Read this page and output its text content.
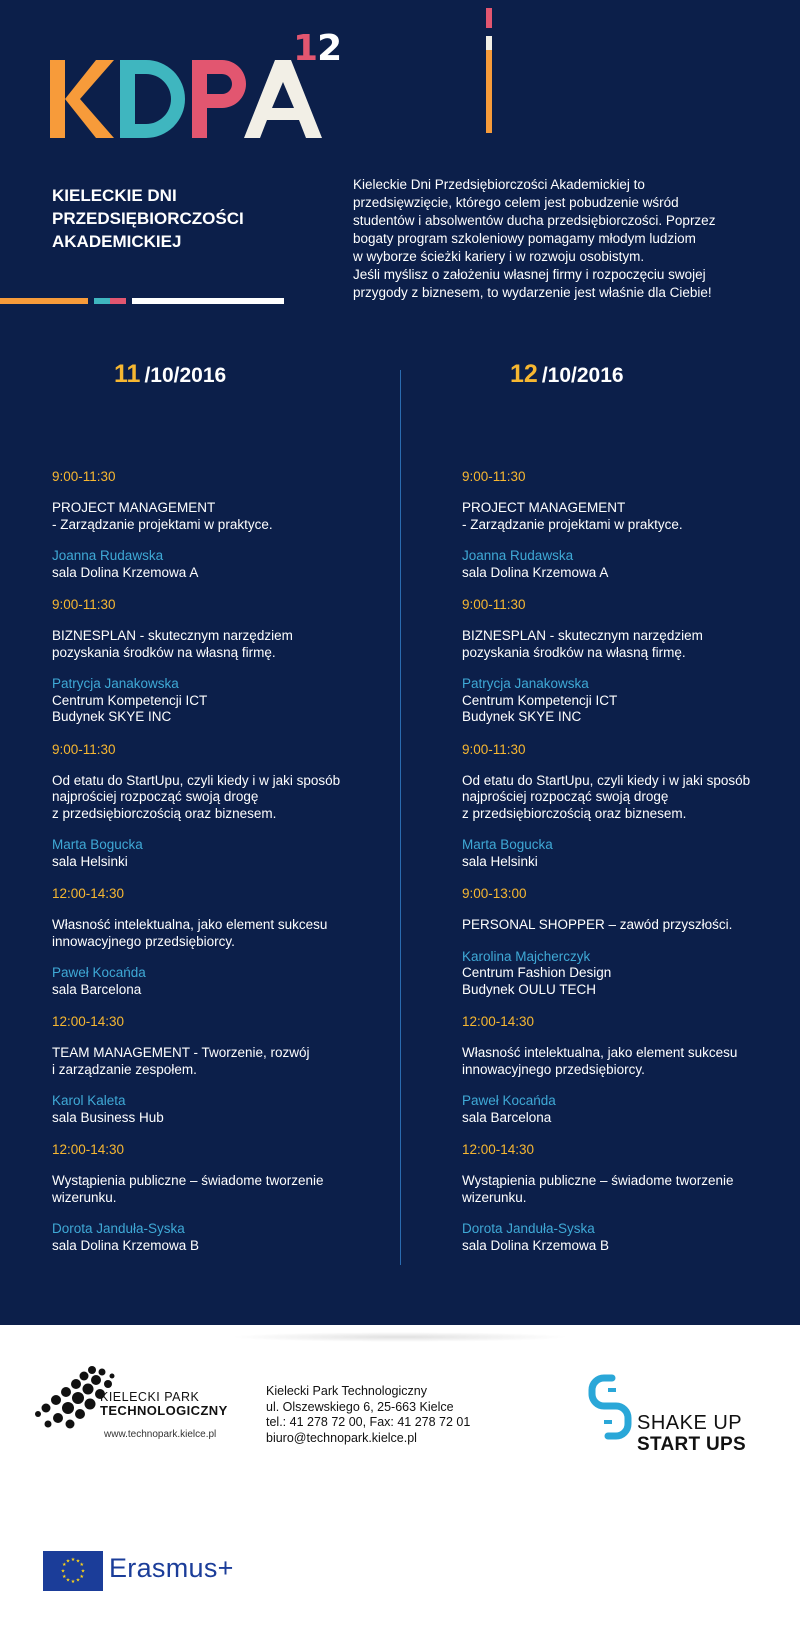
12
KIELECKIE DNI
PRZEDSIĘBIORCZOŚCI
AKADEMICKIEJ
Kieleckie Dni Przedsiębiorczości Akademickiej to
przedsięwzięcie, którego celem jest pobudzenie wśród
studentów i absolwentów ducha przedsiębiorczości. Poprzez
bogaty program szkoleniowy pomagamy młodym ludziom
w wyborze ścieżki kariery i w rozwoju osobistym.
Jeśli myślisz o założeniu własnej firmy i rozpoczęciu swojej
przygody z biznesem, to wydarzenie jest właśnie dla Ciebie!
11 /10/2016	12 /10/2016
9:00-11:30
PROJECT MANAGEMENT
- Zarządzanie projektami w praktyce.
Joanna Rudawska
sala Dolina Krzemowa A
9:00-11:30
BIZNESPLAN - skutecznym narzędziem
pozyskania środków na własną firmę.
Patrycja Janakowska
Centrum Kompetencji ICT
Budynek SKYE INC
9:00-11:30
Od etatu do StartUpu, czyli kiedy i w jaki sposób
najprościej rozpocząć swoją drogę
z przedsiębiorczością oraz biznesem.
Marta Bogucka
sala Helsinki
12:00-14:30
Własność intelektualna, jako element sukcesu
innowacyjnego przedsiębiorcy.
Paweł Kocańda
sala Barcelona
12:00-14:30
TEAM MANAGEMENT - Tworzenie, rozwój
i zarządzanie zespołem.
Karol Kaleta
sala Business Hub
12:00-14:30
Wystąpienia publiczne – świadome tworzenie
wizerunku.
Dorota Janduła-Syska
sala Dolina Krzemowa B
9:00-11:30
PROJECT MANAGEMENT
- Zarządzanie projektami w praktyce.
Joanna Rudawska
sala Dolina Krzemowa A
9:00-11:30
BIZNESPLAN - skutecznym narzędziem
pozyskania środków na własną firmę.
Patrycja Janakowska
Centrum Kompetencji ICT
Budynek SKYE INC
9:00-11:30
Od etatu do StartUpu, czyli kiedy i w jaki sposób
najprościej rozpocząć swoją drogę
z przedsiębiorczością oraz biznesem.
Marta Bogucka
sala Helsinki
9:00-13:00
PERSONAL SHOPPER – zawód przyszłości.
Karolina Majcherczyk
Centrum Fashion Design
Budynek OULU TECH
12:00-14:30
Własność intelektualna, jako element sukcesu
innowacyjnego przedsiębiorcy.
Paweł Kocańda
sala Barcelona
12:00-14:30
Wystąpienia publiczne – świadome tworzenie
wizerunku.
Dorota Janduła-Syska
sala Dolina Krzemowa B
KIELECKI PARK
TECHNOLOGICZNY
www.technopark.kielce.pl
Kielecki Park Technologiczny
ul. Olszewskiego 6, 25-663 Kielce
tel.: 41 278 72 00, Fax: 41 278 72 01
biuro@technopark.kielce.pl
SHAKE UP
START UPS
★ ★
★
★
★
★
★
★
★
★
★
★ Erasmus+
